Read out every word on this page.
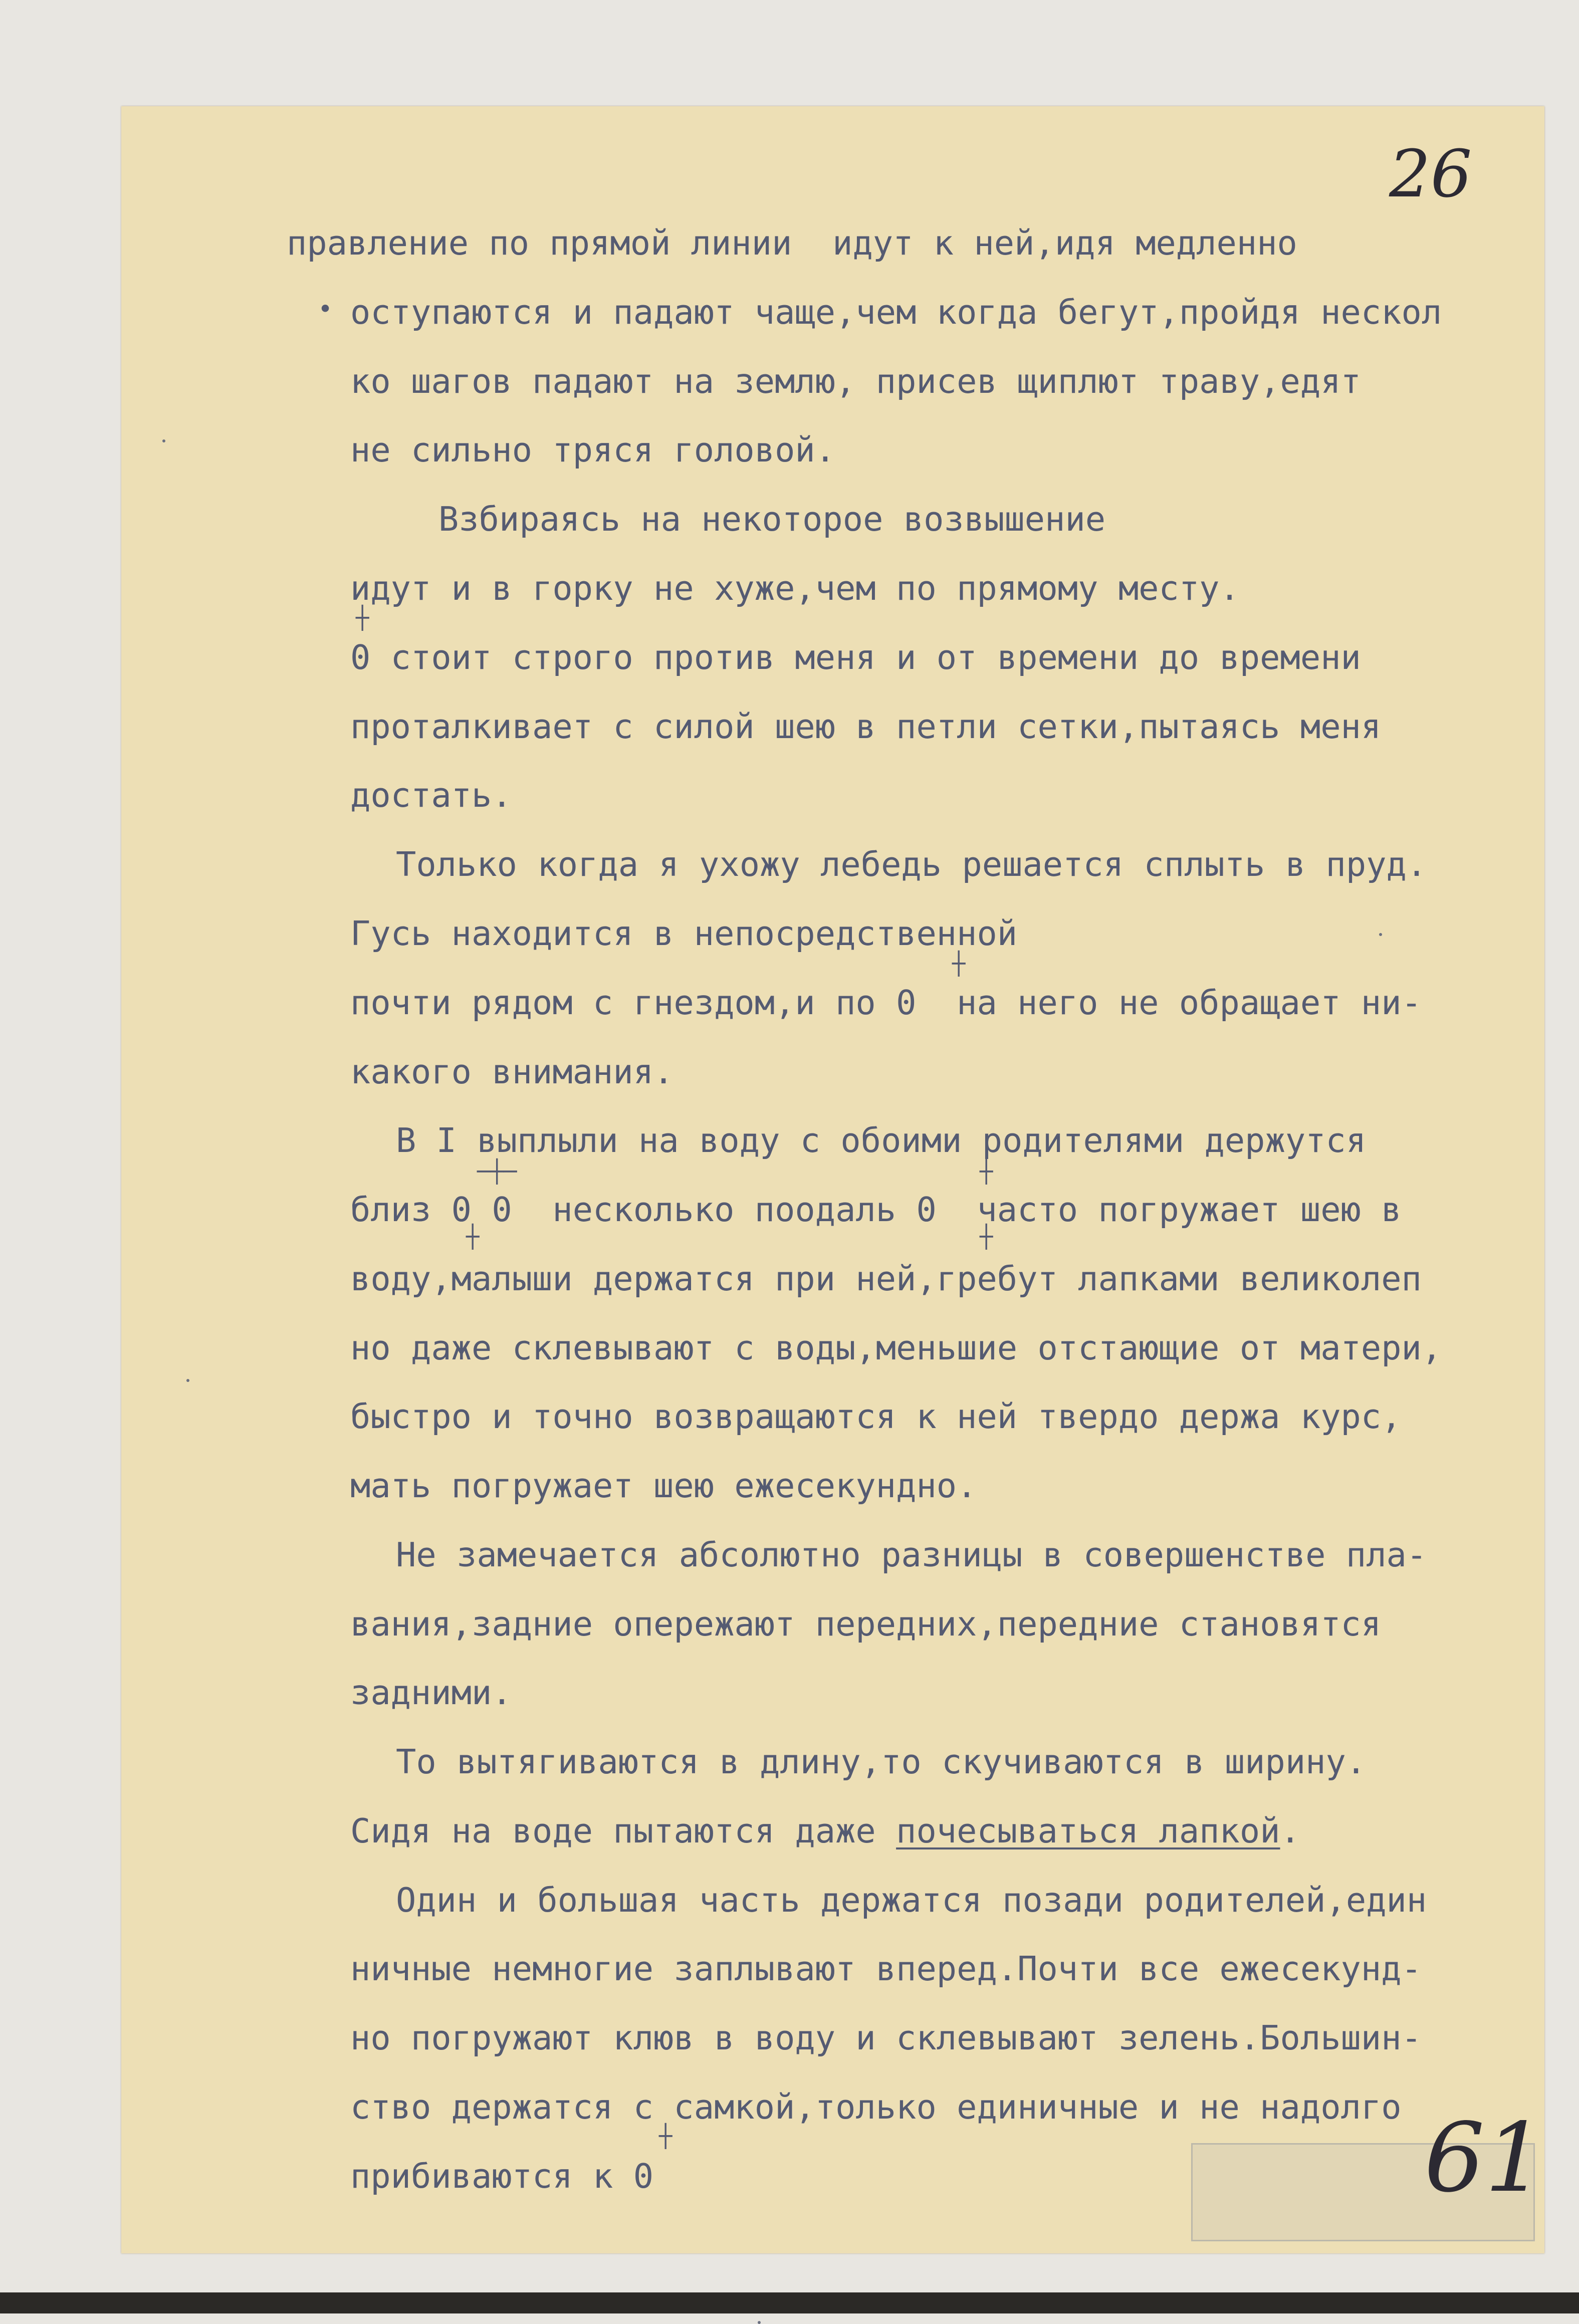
26
правление по прямой линии  идут к ней,идя медленно
• оступаются и падают чаще,чем когда бегут,пройдя нескол
ко шагов падают на землю, присев щиплют траву,едят
не сильно тряся головой.
Взбираясь на некоторое возвышение
идут и в горку не хуже,чем по прямому месту.
┼
0 стоит строго против меня и от времени до времени
проталкивает с силой шею в петли сетки,пытаясь меня
достать.
Только когда я ухожу лебедь решается сплыть в пруд.
Гусь находится в непосредственной
┼
почти рядом с гнездом,и по 0  на него не обращает ни-
какого внимания.
В I выплыли на воду с обоими родителями держутся
─┼─	┼
близ 0 0  несколько поодаль 0  часто погружает шею в
┼	┼
воду,малыши держатся при ней,гребут лапками великолеп
но даже склевывают с воды,меньшие отстающие от матери,
быстро и точно возвращаются к ней твердо держа курс,
мать погружает шею ежесекундно.
Не замечается абсолютно разницы в совершенстве пла-
вания,задние опережают передних,передние становятся
задними.
То вытягиваются в длину,то скучиваются в ширину.
Сидя на воде пытаются даже почесываться лапкой.
Один и большая часть держатся позади родителей,един
ничные немногие заплывают вперед.Почти все ежесекунд-
но погружают клюв в воду и склевывают зелень.Большин-
ство держатся с самкой,только единичные и не надолго
┼
прибиваются к 0	61
